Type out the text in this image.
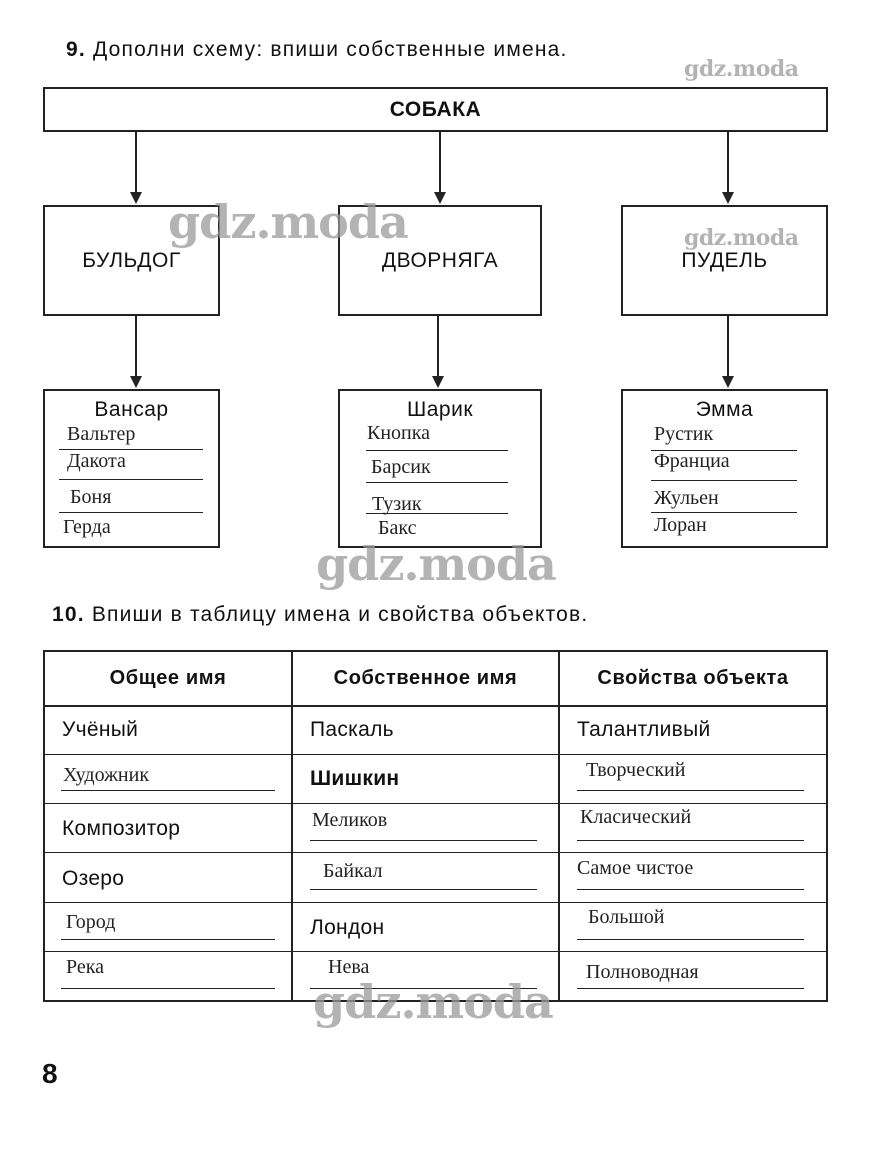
9. Дополни схему: впиши собственные имена.
СОБАКА
БУЛЬДОГ	ДВОРНЯГА	ПУДЕЛЬ
Вансар
Вальтер
Дакота
Боня
Герда
Шарик
Кнопка
Барсик
Тузик
Бакс
Эмма
Рустик
Франциа
Жульен
Лоран
10. Впиши в таблицу имена и свойства объектов.
Общее имя	Собственное имя	Свойства объекта
Учёный	Паскаль	Талантливый
Художник	Шишкин	Творческий
Композитор	Меликов	Класический
Озеро	Байкал	Самое чистое
Город	Лондон	Большой
Река	Нева	Полноводная
8
gdz.moda
gdz.moda	gdz.moda
gdz.moda
gdz.moda
